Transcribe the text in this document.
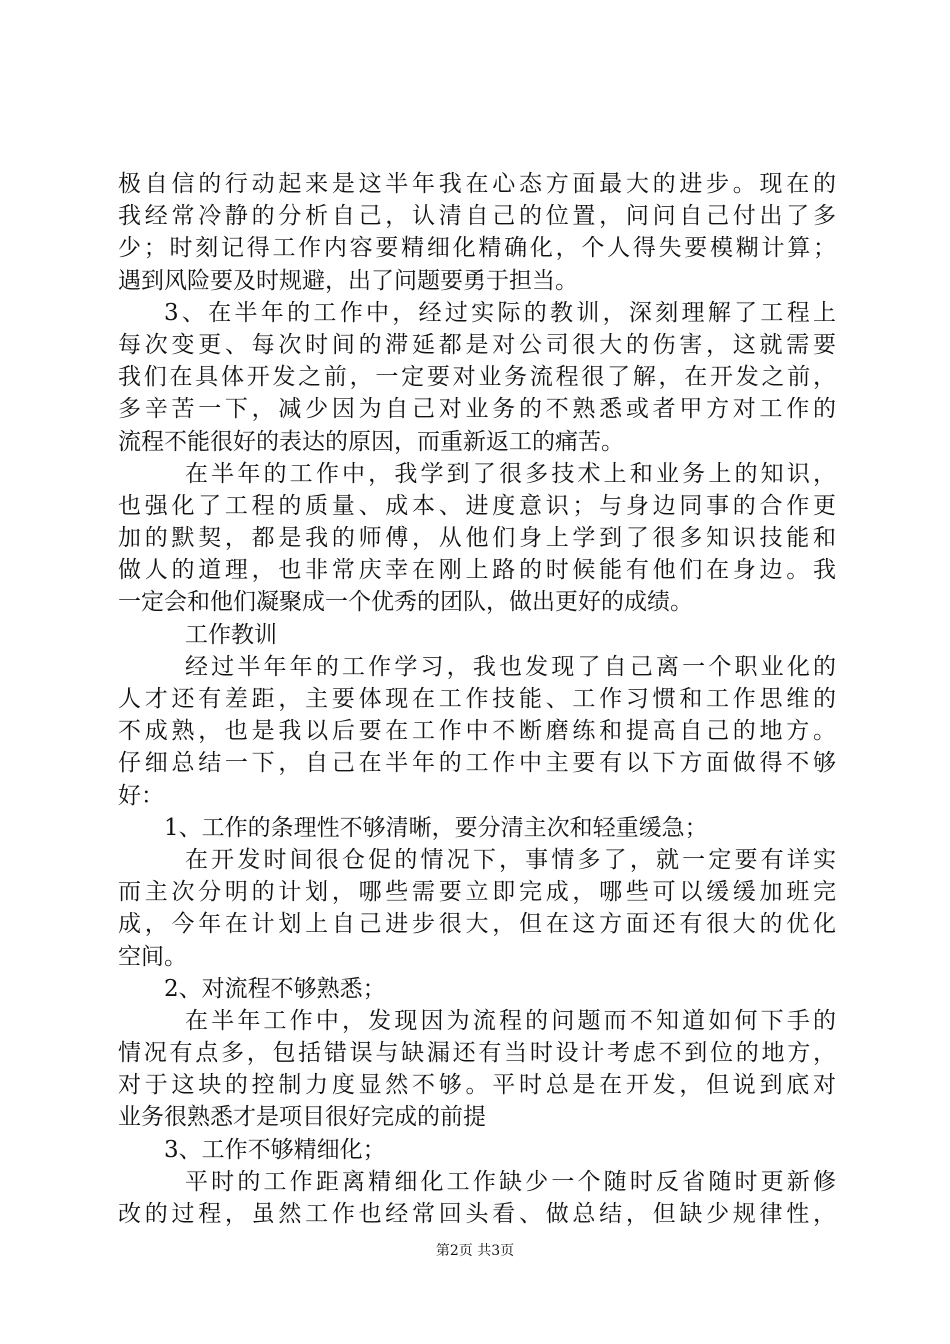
极自信的行动起来是这半年我在心态方面最大的进步。现在的
我经常冷静的分析自己，认清自己的位置，问问自己付出了多
少；时刻记得工作内容要精细化精确化，个人得失要模糊计算；
遇到风险要及时规避，出了问题要勇于担当。
3、在半年的工作中，经过实际的教训，深刻理解了工程上
每次变更、每次时间的滞延都是对公司很大的伤害，这就需要
我们在具体开发之前，一定要对业务流程很了解，在开发之前，
多辛苦一下，减少因为自己对业务的不熟悉或者甲方对工作的
流程不能很好的表达的原因，而重新返工的痛苦。
在半年的工作中，我学到了很多技术上和业务上的知识，
也强化了工程的质量、成本、进度意识；与身边同事的合作更
加的默契，都是我的师傅，从他们身上学到了很多知识技能和
做人的道理，也非常庆幸在刚上路的时候能有他们在身边。我
一定会和他们凝聚成一个优秀的团队，做出更好的成绩。
工作教训
经过半年年的工作学习，我也发现了自己离一个职业化的
人才还有差距，主要体现在工作技能、工作习惯和工作思维的
不成熟，也是我以后要在工作中不断磨练和提高自己的地方。
仔细总结一下，自己在半年的工作中主要有以下方面做得不够
好：
1、工作的条理性不够清晰，要分清主次和轻重缓急；
在开发时间很仓促的情况下，事情多了，就一定要有详实
而主次分明的计划，哪些需要立即完成，哪些可以缓缓加班完
成，今年在计划上自己进步很大，但在这方面还有很大的优化
空间。
2、对流程不够熟悉；
在半年工作中，发现因为流程的问题而不知道如何下手的
情况有点多，包括错误与缺漏还有当时设计考虑不到位的地方，
对于这块的控制力度显然不够。平时总是在开发，但说到底对
业务很熟悉才是项目很好完成的前提
3、工作不够精细化；
平时的工作距离精细化工作缺少一个随时反省随时更新修
改的过程，虽然工作也经常回头看、做总结，但缺少规律性，
第2页 共3页
